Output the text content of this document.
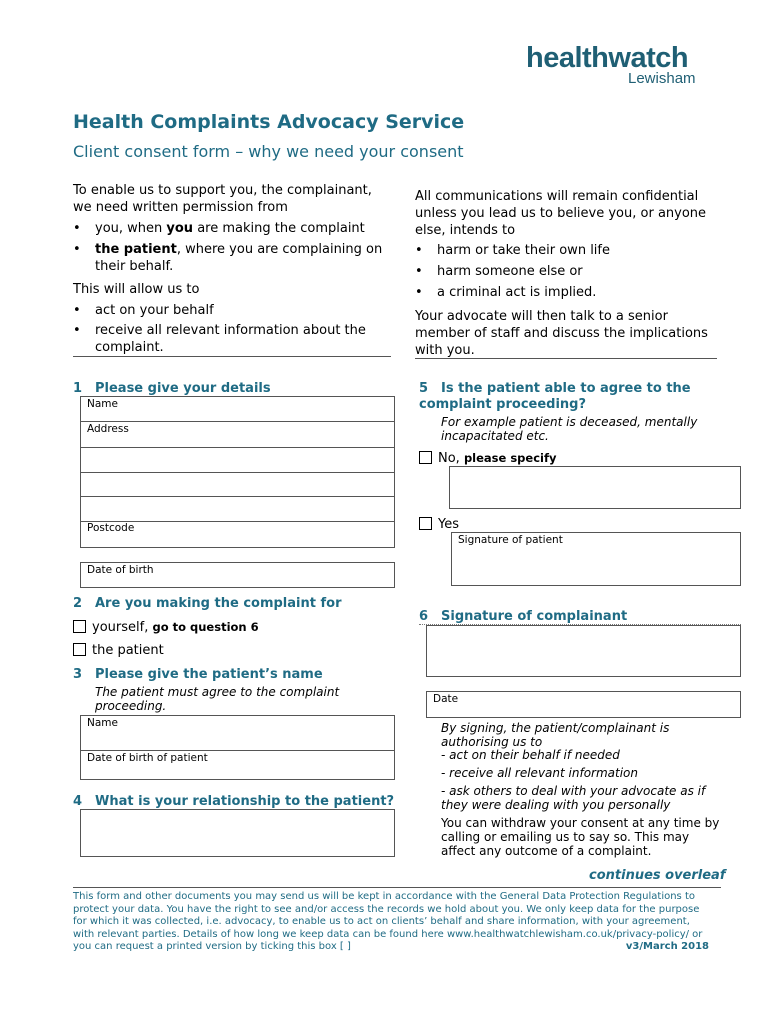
healthwatch
Lewisham
Health Complaints Advocacy Service
Client consent form – why we need your consent
To enable us to support you, the complainant, we need written permission from
• you, when you are making the complaint
• the patient, where you are complaining on their behalf.
This will allow us to
• act on your behalf
• receive all relevant information about the complaint.
All communications will remain confidential unless you lead us to believe you, or anyone else, intends to
• harm or take their own life
• harm someone else or
• a criminal act is implied.
Your advocate will then talk to a senior member of staff and discuss the implications with you.
1 Please give your details
Name
Address
Postcode
Date of birth
2 Are you making the complaint for
yourself, go to question 6
the patient
3 Please give the patient’s name
The patient must agree to the complaint proceeding.
Name
Date of birth of patient
4 What is your relationship to the patient?
5 Is the patient able to agree to the complaint proceeding?
For example patient is deceased, mentally incapacitated etc.
No, please specify
Yes
Signature of patient
6 Signature of complainant
Date
By signing, the patient/complainant is authorising us to
- act on their behalf if needed
- receive all relevant information
- ask others to deal with your advocate as if they were dealing with you personally
You can withdraw your consent at any time by calling or emailing us to say so. This may affect any outcome of a complaint.
continues overleaf
This form and other documents you may send us will be kept in accordance with the General Data Protection Regulations to
protect your data. You have the right to see and/or access the records we hold about you. We only keep data for the purpose
for which it was collected, i.e. advocacy, to enable us to act on clients’ behalf and share information, with your agreement,
with relevant parties. Details of how long we keep data can be found here www.healthwatchlewisham.co.uk/privacy-policy/ or
you can request a printed version by ticking this box [ ]	v3/March 2018
